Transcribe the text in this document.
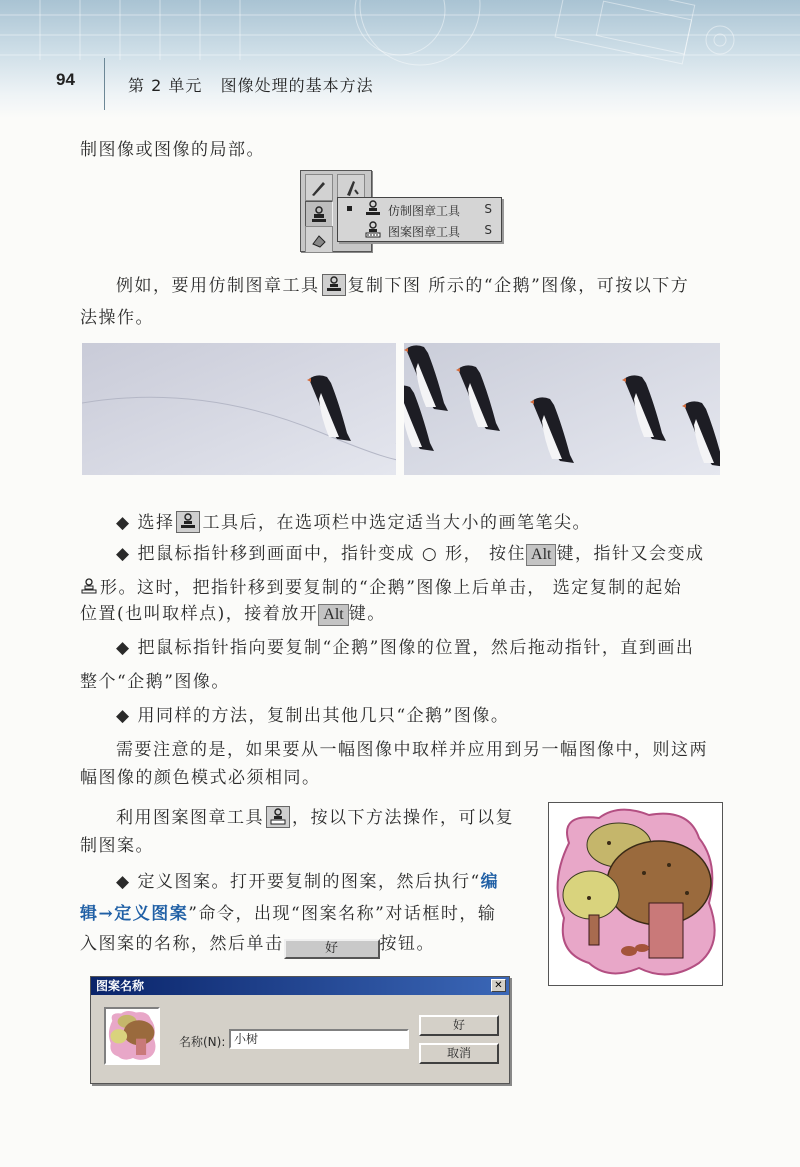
94	第 2 单元   图像处理的基本方法
制图像或图像的局部。
仿制图章工具 S
图案图章工具 S
例如，要用仿制图章工具 复制下图 所示的“企鹅”图像，可按以下方
法操作。
◆ 选择 工具后，在选项栏中选定适当大小的画笔笔尖。
◆ 把鼠标指针移到画面中，指针变成 ○ 形， 按住 Alt 键，指针又会变成
形。这时，把指针移到要复制的“企鹅”图像上后单击， 选定复制的起始
位置(也叫取样点)，接着放开 Alt 键。
◆ 把鼠标指针指向要复制“企鹅”图像的位置，然后拖动指针，直到画出
整个“企鹅”图像。
◆ 用同样的方法，复制出其他几只“企鹅”图像。
需要注意的是，如果要从一幅图像中取样并应用到另一幅图像中，则这两
幅图像的颜色模式必须相同。
利用图案图章工具 ，按以下方法操作，可以复
制图案。
◆ 定义图案。打开要复制的图案，然后执行“编
辑→定义图案”命令，出现“图案名称”对话框时，输
入图案的名称，然后单击	好 按钮。
图案名称	✕
名称(N): 小树
好
取消
